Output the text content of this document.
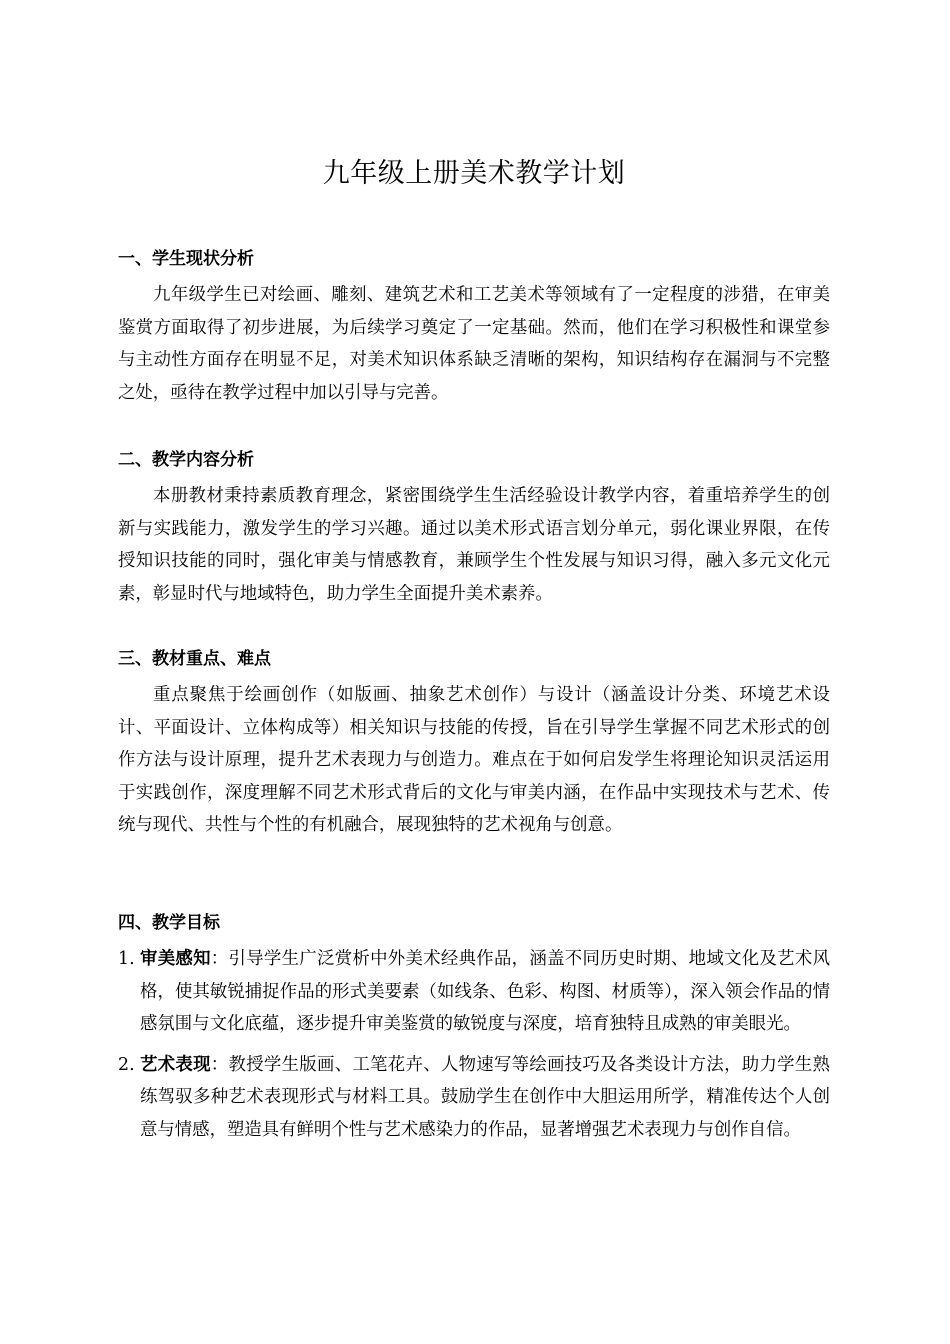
九年级上册美术教学计划
一、学生现状分析

九年级学生已对绘画、雕刻、建筑艺术和工艺美术等领域有了一定程度的涉猎，在审美鉴赏方面取得了初步进展，为后续学习奠定了一定基础。然而，他们在学习积极性和课堂参与主动性方面存在明显不足，对美术知识体系缺乏清晰的架构，知识结构存在漏洞与不完整之处，亟待在教学过程中加以引导与完善。

二、教学内容分析

本册教材秉持素质教育理念，紧密围绕学生生活经验设计教学内容，着重培养学生的创新与实践能力，激发学生的学习兴趣。通过以美术形式语言划分单元，弱化课业界限，在传授知识技能的同时，强化审美与情感教育，兼顾学生个性发展与知识习得，融入多元文化元素，彰显时代与地域特色，助力学生全面提升美术素养。

三、教材重点、难点

重点聚焦于绘画创作（如版画、抽象艺术创作）与设计（涵盖设计分类、环境艺术设计、平面设计、立体构成等）相关知识与技能的传授，旨在引导学生掌握不同艺术形式的创作方法与设计原理，提升艺术表现力与创造力。难点在于如何启发学生将理论知识灵活运用于实践创作，深度理解不同艺术形式背后的文化与审美内涵，在作品中实现技术与艺术、传统与现代、共性与个性的有机融合，展现独特的艺术视角与创意。

四、教学目标
1. 审美感知：引导学生广泛赏析中外美术经典作品，涵盖不同历史时期、地域文化及艺术风格，使其敏锐捕捉作品的形式美要素（如线条、色彩、构图、材质等），深入领会作品的情感氛围与文化底蕴，逐步提升审美鉴赏的敏锐度与深度，培育独特且成熟的审美眼光。
2. 艺术表现：教授学生版画、工笔花卉、人物速写等绘画技巧及各类设计方法，助力学生熟练驾驭多种艺术表现形式与材料工具。鼓励学生在创作中大胆运用所学，精准传达个人创意与情感，塑造具有鲜明个性与艺术感染力的作品，显著增强艺术表现力与创作自信。
